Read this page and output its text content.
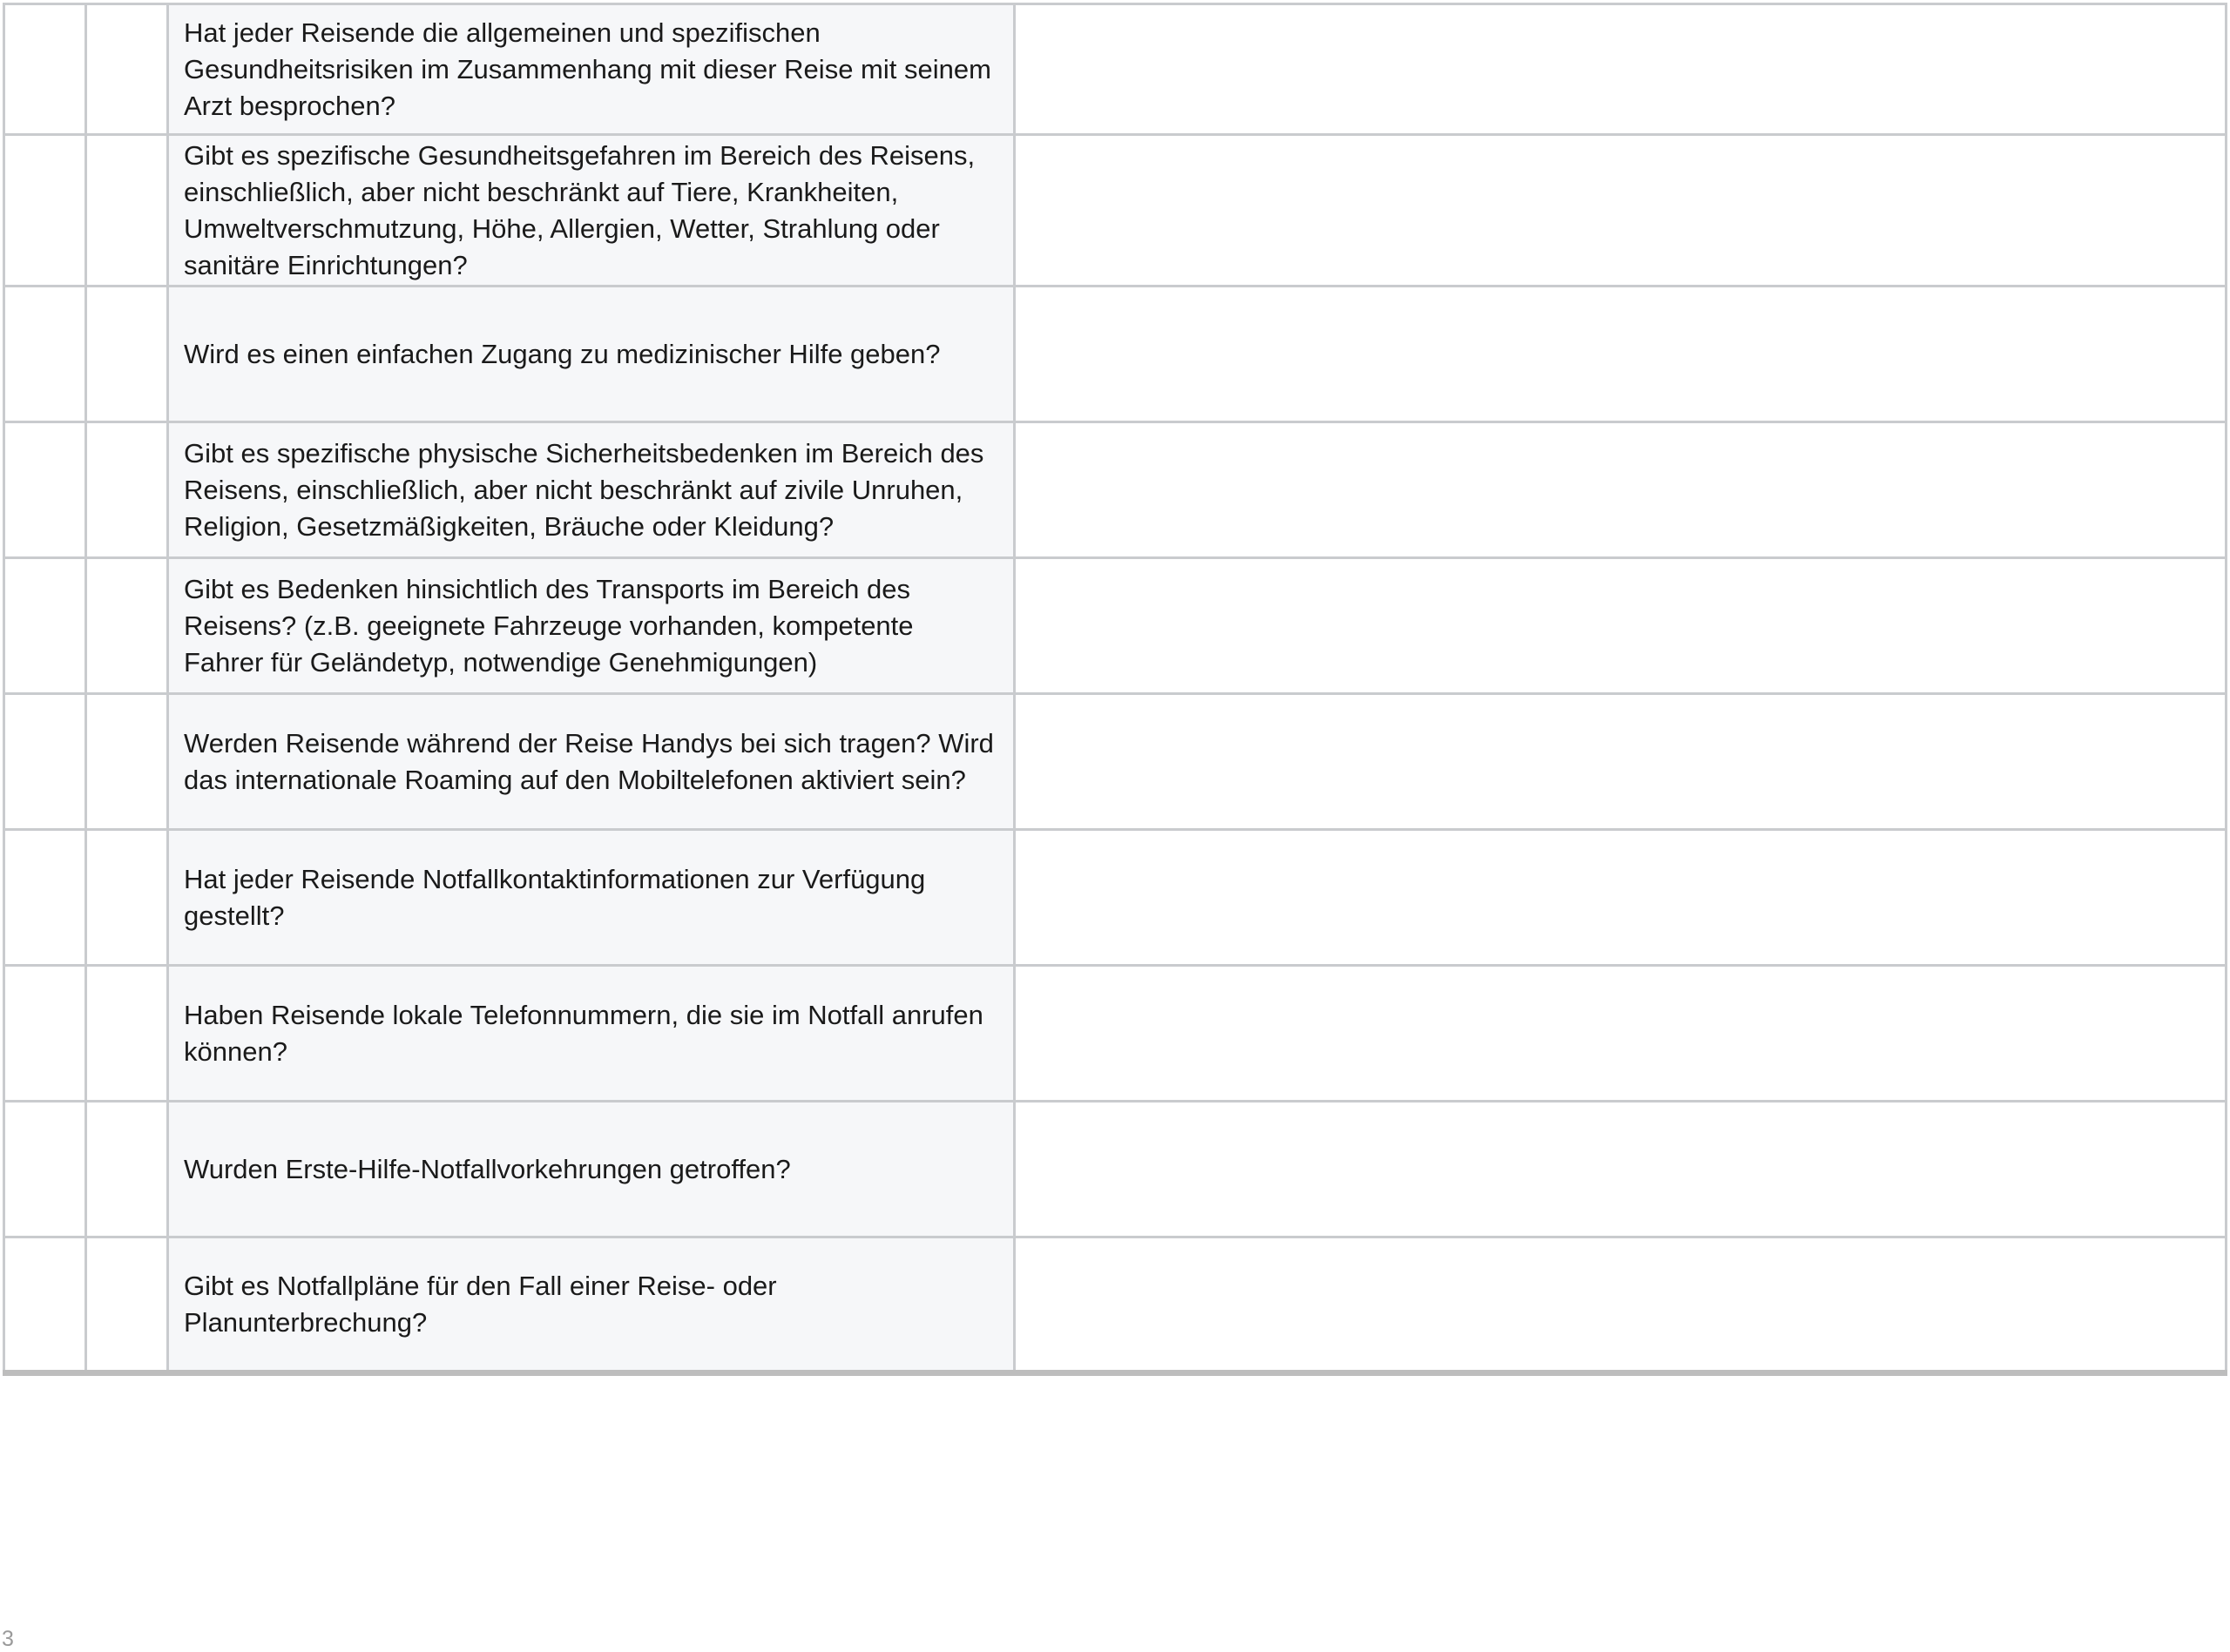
		Hat jeder Reisende die allgemeinen und spezifischen Gesundheitsrisiken im Zusammenhang mit dieser Reise mit seinem Arzt besprochen?	
		Gibt es spezifische Gesundheitsgefahren im Bereich des Reisens, einschließlich, aber nicht beschränkt auf Tiere, Krankheiten, Umweltverschmutzung, Höhe, Allergien, Wetter, Strahlung oder sanitäre Einrichtungen?	
		Wird es einen einfachen Zugang zu medizinischer Hilfe geben?	
		Gibt es spezifische physische Sicherheitsbedenken im Bereich des Reisens, einschließlich, aber nicht beschränkt auf zivile Unruhen, Religion, Gesetzmäßigkeiten, Bräuche oder Kleidung?	
		Gibt es Bedenken hinsichtlich des Transports im Bereich des Reisens? (z.B. geeignete Fahrzeuge vorhanden, kompetente Fahrer für Geländetyp, notwendige Genehmigungen)	
		Werden Reisende während der Reise Handys bei sich tragen? Wird das internationale Roaming auf den Mobiltelefonen aktiviert sein?	
		Hat jeder Reisende Notfallkontaktinformationen zur Verfügung gestellt?	
		Haben Reisende lokale Telefonnummern, die sie im Notfall anrufen können?	
		Wurden Erste-Hilfe-Notfallvorkehrungen getroffen?	
		Gibt es Notfallpläne für den Fall einer Reise- oder Planunterbrechung?	
3
